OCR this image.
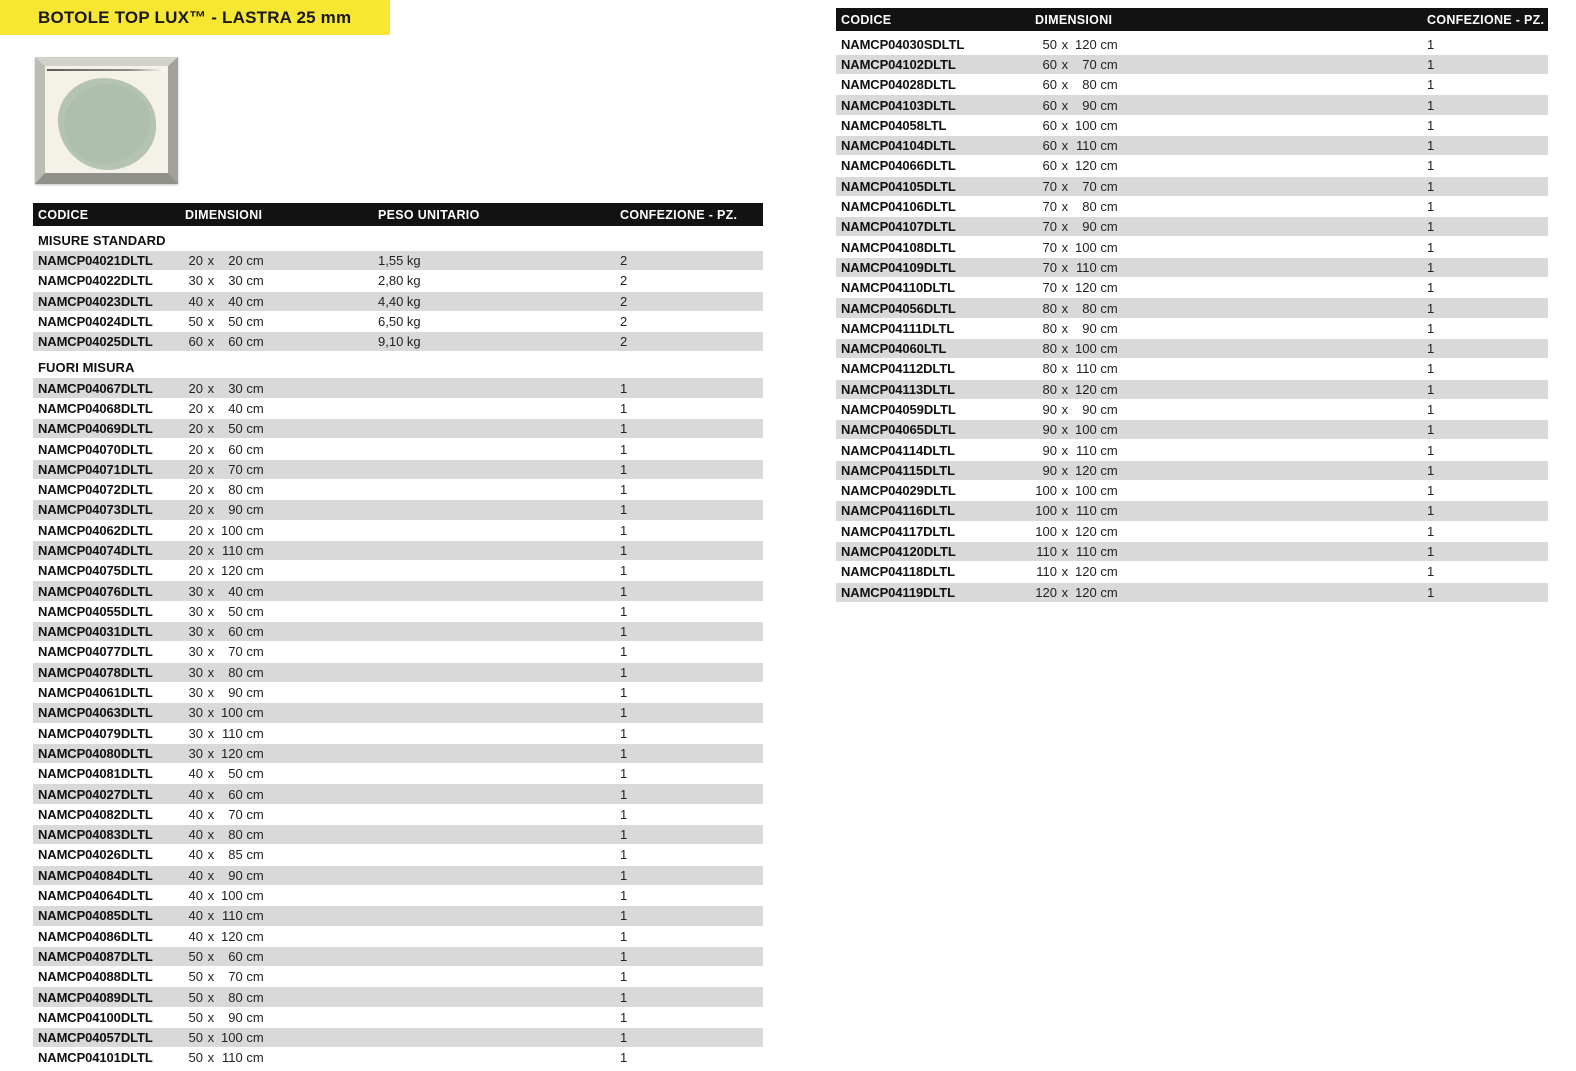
BOTOLE TOP LUX™ - LASTRA 25 mm
CODICE	DIMENSIONI	PESO UNITARIO	CONFEZIONE - PZ.
MISURE STANDARD
NAMCP04021DLTL	20 x 20 cm	1,55 kg	2
NAMCP04022DLTL	30 x 30 cm	2,80 kg	2
NAMCP04023DLTL	40 x 40 cm	4,40 kg	2
NAMCP04024DLTL	50 x 50 cm	6,50 kg	2
NAMCP04025DLTL	60 x 60 cm	9,10 kg	2
FUORI MISURA
NAMCP04067DLTL	20 x 30 cm	1
NAMCP04068DLTL	20 x 40 cm	1
NAMCP04069DLTL	20 x 50 cm	1
NAMCP04070DLTL	20 x 60 cm	1
NAMCP04071DLTL	20 x 70 cm	1
NAMCP04072DLTL	20 x 80 cm	1
NAMCP04073DLTL	20 x 90 cm	1
NAMCP04062DLTL	20 x 100 cm	1
NAMCP04074DLTL	20 x 110 cm	1
NAMCP04075DLTL	20 x 120 cm	1
NAMCP04076DLTL	30 x 40 cm	1
NAMCP04055DLTL	30 x 50 cm	1
NAMCP04031DLTL	30 x 60 cm	1
NAMCP04077DLTL	30 x 70 cm	1
NAMCP04078DLTL	30 x 80 cm	1
NAMCP04061DLTL	30 x 90 cm	1
NAMCP04063DLTL	30 x 100 cm	1
NAMCP04079DLTL	30 x 110 cm	1
NAMCP04080DLTL	30 x 120 cm	1
NAMCP04081DLTL	40 x 50 cm	1
NAMCP04027DLTL	40 x 60 cm	1
NAMCP04082DLTL	40 x 70 cm	1
NAMCP04083DLTL	40 x 80 cm	1
NAMCP04026DLTL	40 x 85 cm	1
NAMCP04084DLTL	40 x 90 cm	1
NAMCP04064DLTL	40 x 100 cm	1
NAMCP04085DLTL	40 x 110 cm	1
NAMCP04086DLTL	40 x 120 cm	1
NAMCP04087DLTL	50 x 60 cm	1
NAMCP04088DLTL	50 x 70 cm	1
NAMCP04089DLTL	50 x 80 cm	1
NAMCP04100DLTL	50 x 90 cm	1
NAMCP04057DLTL	50 x 100 cm	1
NAMCP04101DLTL	50 x 110 cm	1
CODICE	DIMENSIONI	CONFEZIONE - PZ.
NAMCP04030SDLTL	50 x 120 cm	1
NAMCP04102DLTL	60 x 70 cm	1
NAMCP04028DLTL	60 x 80 cm	1
NAMCP04103DLTL	60 x 90 cm	1
NAMCP04058LTL	60 x 100 cm	1
NAMCP04104DLTL	60 x 110 cm	1
NAMCP04066DLTL	60 x 120 cm	1
NAMCP04105DLTL	70 x 70 cm	1
NAMCP04106DLTL	70 x 80 cm	1
NAMCP04107DLTL	70 x 90 cm	1
NAMCP04108DLTL	70 x 100 cm	1
NAMCP04109DLTL	70 x 110 cm	1
NAMCP04110DLTL	70 x 120 cm	1
NAMCP04056DLTL	80 x 80 cm	1
NAMCP04111DLTL	80 x 90 cm	1
NAMCP04060LTL	80 x 100 cm	1
NAMCP04112DLTL	80 x 110 cm	1
NAMCP04113DLTL	80 x 120 cm	1
NAMCP04059DLTL	90 x 90 cm	1
NAMCP04065DLTL	90 x 100 cm	1
NAMCP04114DLTL	90 x 110 cm	1
NAMCP04115DLTL	90 x 120 cm	1
NAMCP04029DLTL	100 x 100 cm	1
NAMCP04116DLTL	100 x 110 cm	1
NAMCP04117DLTL	100 x 120 cm	1
NAMCP04120DLTL	110 x 110 cm	1
NAMCP04118DLTL	110 x 120 cm	1
NAMCP04119DLTL	120 x 120 cm	1
